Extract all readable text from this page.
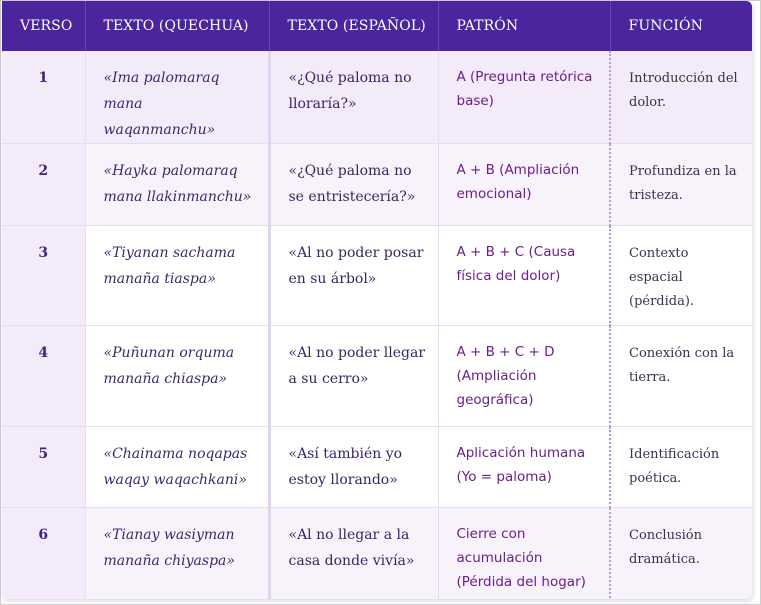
VERSO	TEXTO (QUECHUA)	TEXTO (ESPAÑOL)	PATRÓN	FUNCIÓN
1	«Ima palomaraq mana waqanmanchu»	«¿Qué paloma no lloraría?»	A (Pregunta retórica base)	Introducción del dolor.
2	«Hayka palomaraq mana llakinmanchu»	«¿Qué paloma no se entristecería?»	A + B (Ampliación emocional)	Profundiza en la tristeza.
3	«Tiyanan sachama manaña tiaspa»	«Al no poder posar en su árbol»	A + B + C (Causa física del dolor)	Contexto espacial (pérdida).
4	«Puñunan orquma manaña chiaspa»	«Al no poder llegar a su cerro»	A + B + C + D (Ampliación geográfica)	Conexión con la tierra.
5	«Chainama noqapas waqay waqachkani»	«Así también yo estoy llorando»	Aplicación humana (Yo = paloma)	Identificación poética.
6	«Tianay wasiyman manaña chiyaspa»	«Al no llegar a la casa donde vivía»	Cierre con acumulación (Pérdida del hogar)	Conclusión dramática.
